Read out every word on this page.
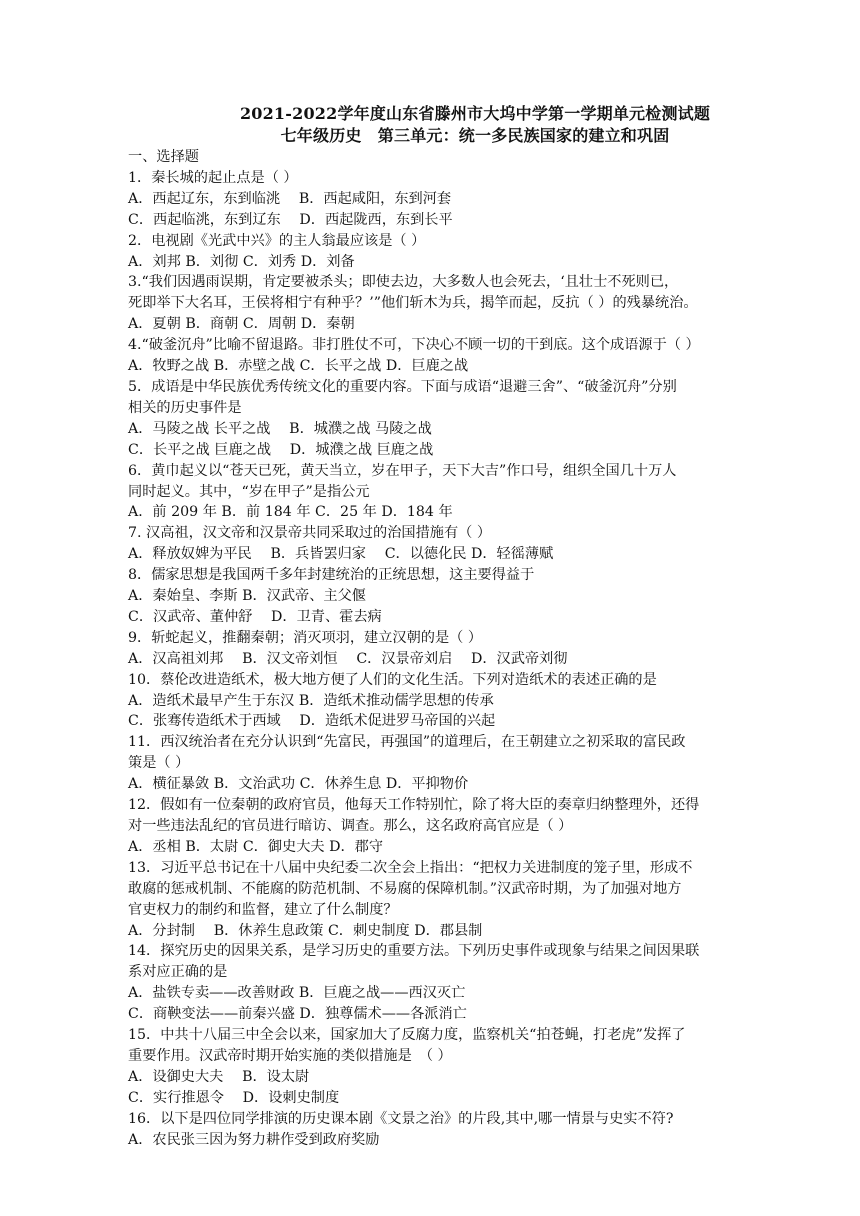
2021-2022学年度山东省滕州市大坞中学第一学期单元检测试题
七年级历史　第三单元：统一多民族国家的建立和巩固
一、选择题
1．秦长城的起止点是（ ）
A．西起辽东，东到临洮　 B．西起咸阳，东到河套
C．西起临洮，东到辽东　 D．西起陇西，东到长平
2．电视剧《光武中兴》的主人翁最应该是（ ）
A．刘邦 B．刘彻 C．刘秀 D．刘备
3.“我们因遇雨误期，肯定要被杀头；即使去边，大多数人也会死去，‘且壮士不死则已，
死即举下大名耳，王侯将相宁有种乎？’”他们斩木为兵，揭竿而起，反抗（ ）的残暴统治。
A．夏朝 B．商朝 C．周朝 D．秦朝
4.“破釜沉舟”比喻不留退路。非打胜仗不可，下决心不顾一切的干到底。这个成语源于（ ）
A．牧野之战 B．赤壁之战 C．长平之战 D．巨鹿之战
5．成语是中华民族优秀传统文化的重要内容。下面与成语“退避三舍”、“破釜沉舟”分别
相关的历史事件是
A．马陵之战 长平之战　 B．城濮之战 马陵之战
C．长平之战 巨鹿之战　 D．城濮之战 巨鹿之战
6．黄巾起义以“苍天已死，黄天当立，岁在甲子，天下大吉”作口号，组织全国几十万人
同时起义。其中，“岁在甲子”是指公元
A．前 209 年 B．前 184 年 C．25 年 D．184 年
7. 汉高祖，汉文帝和汉景帝共同采取过的治国措施有（ ）
A．释放奴婢为平民　 B．兵皆罢归家　 C．以德化民 D．轻徭薄赋
8．儒家思想是我国两千多年封建统治的正统思想，这主要得益于
A．秦始皇、李斯 B．汉武帝、主父偃
C．汉武帝、董仲舒　 D．卫青、霍去病
9．斩蛇起义，推翻秦朝；消灭项羽，建立汉朝的是（ ）
A．汉高祖刘邦　 B．汉文帝刘恒　 C．汉景帝刘启　 D．汉武帝刘彻
10．蔡伦改进造纸术，极大地方便了人们的文化生活。下列对造纸术的表述正确的是
A．造纸术最早产生于东汉 B．造纸术推动儒学思想的传承
C．张骞传造纸术于西域　 D．造纸术促进罗马帝国的兴起
11．西汉统治者在充分认识到“先富民，再强国”的道理后，在王朝建立之初采取的富民政
策是（ ）
A．横征暴敛 B．文治武功 C．休养生息 D．平抑物价
12．假如有一位秦朝的政府官员，他每天工作特别忙，除了将大臣的奏章归纳整理外，还得
对一些违法乱纪的官员进行暗访、调查。那么，这名政府高官应是（ ）
A．丞相 B．太尉 C．御史大夫 D．郡守
13．习近平总书记在十八届中央纪委二次全会上指出：“把权力关进制度的笼子里，形成不
敢腐的惩戒机制、不能腐的防范机制、不易腐的保障机制。”汉武帝时期，为了加强对地方
官吏权力的制约和监督，建立了什么制度？
A．分封制　 B．休养生息政策 C．刺史制度 D．郡县制
14．探究历史的因果关系，是学习历史的重要方法。下列历史事件或现象与结果之间因果联
系对应正确的是
A．盐铁专卖——改善财政 B．巨鹿之战——西汉灭亡
C．商鞅变法——前秦兴盛 D．独尊儒术——各派消亡
15．中共十八届三中全会以来，国家加大了反腐力度，监察机关“拍苍蝇，打老虎”发挥了
重要作用。汉武帝时期开始实施的类似措施是　（ ）
A．设御史大夫　 B．设太尉
C．实行推恩令　 D．设刺史制度
16．以下是四位同学排演的历史课本剧《文景之治》的片段,其中,哪一情景与史实不符?
A．农民张三因为努力耕作受到政府奖励
